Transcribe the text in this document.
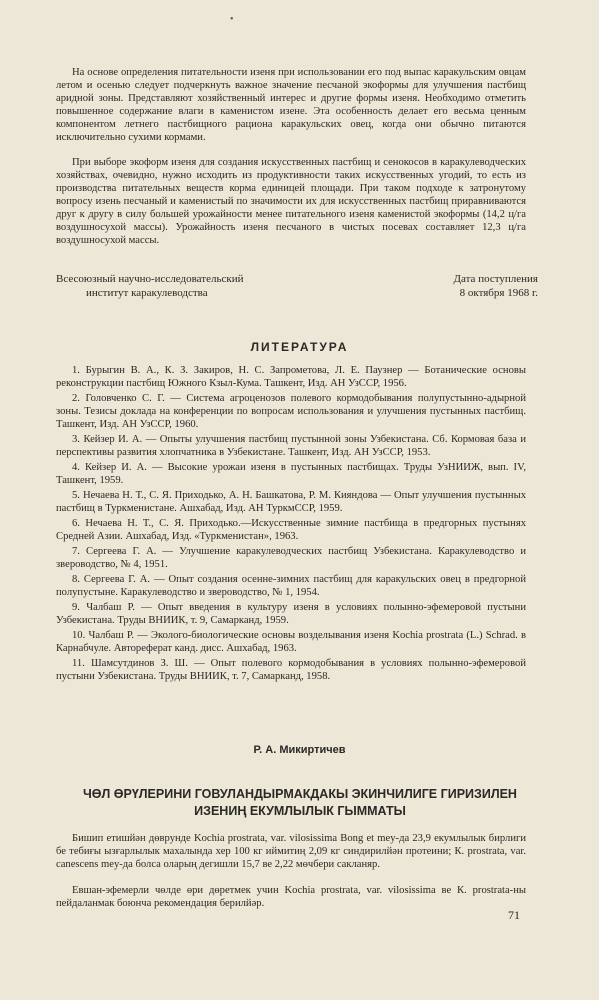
•
На основе определения питательности изеня при использовании его под выпас каракульским овцам летом и осенью следует подчеркнуть важное значение песчаной экоформы для улучшения пастбищ аридной зоны. Представляют хозяйственный интерес и другие формы изеня. Необходимо отметить повышенное содержание влаги в каменистом изене. Эта особенность делает его весьма ценным компонентом летнего пастбищного рациона каракульских овец, когда они обычно питаются исключительно сухими кормами.
При выборе экоформ изеня для создания искусственных пастбищ и сенокосов в каракулеводческих хозяйствах, очевидно, нужно исходить из продуктивности таких искусственных угодий, то есть из производства питательных веществ корма единицей площади. При таком подходе к затронутому вопросу изень песчаный и каменистый по значимости их для искусственных пастбищ приравниваются друг к другу в силу большей урожайности менее питательного изеня каменистой экоформы (14,2 ц/га воздушносухой массы). Урожайность изеня песчаного в чистых посевах составляет 12,3 ц/га воздушносухой массы.
Всесоюзный научно-исследовательский
институт каракулеводства
Дата поступления
8 октября 1968 г.
ЛИТЕРАТУРА
1. Бурыгин В. А., К. З. Закиров, Н. С. Запрометова, Л. Е. Паузнер — Ботанические основы реконструкции пастбищ Южного Кзыл-Кума. Ташкент, Изд. АН УзССР, 1956.
2. Головченко С. Г. — Система агроценозов полевого кормодобывания полупустынно-адырной зоны. Тезисы доклада на конференции по вопросам использования и улучшения пустынных пастбищ. Ташкент, Изд. АН УзССР, 1960.
3. Кейзер И. А. — Опыты улучшения пастбищ пустынной зоны Узбекистана. Сб. Кормовая база и перспективы развития хлопчатника в Узбекистане. Ташкент, Изд. АН УзССР, 1953.
4. Кейзер И. А. — Высокие урожаи изеня в пустынных пастбищах. Труды УзНИИЖ, вып. IV, Ташкент, 1959.
5. Нечаева Н. Т., С. Я. Приходько, А. Н. Башкатова, Р. М. Кияндова — Опыт улучшения пустынных пастбищ в Туркменистане. Ашхабад, Изд. АН ТуркмССР, 1959.
6. Нечаева Н. Т., С. Я. Приходько.—Искусственные зимние пастбища в предгорных пустынях Средней Азии. Ашхабад, Изд. «Туркменистан», 1963.
7. Сергеева Г. А. — Улучшение каракулеводческих пастбищ Узбекистана. Каракулеводство и звероводство, № 4, 1951.
8. Сергеева Г. А. — Опыт создания осенне-зимних пастбищ для каракульских овец в предгорной полупустыне. Каракулеводство и звероводство, № 1, 1954.
9. Чалбаш Р. — Опыт введения в культуру изеня в условиях полынно-эфемеровой пустыни Узбекистана. Труды ВНИИК, т. 9, Самарканд, 1959.
10. Чалбаш Р. — Эколого-биологические основы возделывания изеня Kochia prostrata (L.) Schrad. в Карнабчуле. Автореферат канд. дисс. Ашхабад, 1963.
11. Шамсутдинов З. Ш. — Опыт полевого кормодобывания в условиях полынно-эфемеровой пустыни Узбекистана. Труды ВНИИК, т. 7, Самарканд, 1958.
Р. А. Микиртичев
ЧӨЛ ӨРҮЛЕРИНИ ГОВУЛАНДЫРМАКДАКЫ ЭКИНЧИЛИГЕ ГИРИЗИЛЕН
ИЗЕНИҢ ЕКУМЛЫЛЫК ГЫММАТЫ
Бишип етишйән дөврунде Kochia prostrata, var. vilosissima Bong et mey-да 23,9 екумлылык бирлиги бе тебиғы ызғарлылык махалында хер 100 кг иймитиң 2,09 кг синдирилйән протеини; К. prostrata, var. canescens mey-да болса оларың дегишли 15,7 ве 2,22 мөчбери сакланяр.
Евшан-эфемерли чөлде өри дөретмек учин Kochia prostrata, var. vilosissima ве К. prostrata-ны пейдаланмак боюнча рекомендация берилйәр.
71
